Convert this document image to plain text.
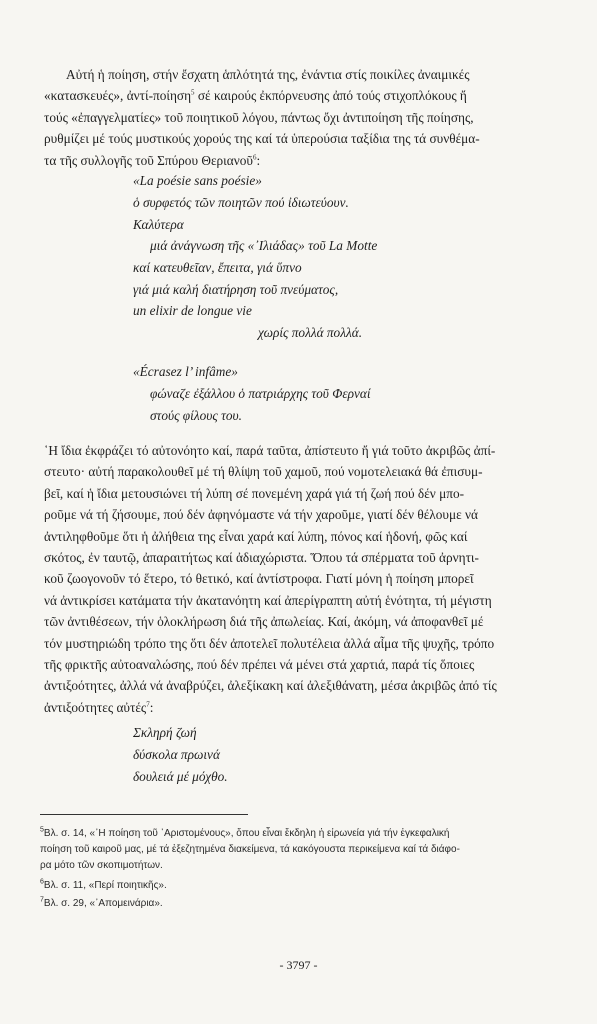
Αὐτή ἡ ποίηση, στήν ἔσχατη ἁπλότητά της, ἐνάντια στίς ποικίλες ἀναιμικές
«κατασκευές», ἀντί-ποίηση$^5$ σέ καιρούς ἐκπόρνευσης ἀπό τούς στιχοπλόκους ἤ
τούς «ἐπαγγελματίες» τοῦ ποιητικοῦ λόγου, πάντως ὄχι ἀντιποίηση τῆς ποίησης,
ρυθμίζει μέ τούς μυστικούς χορούς της καί τά ὑπερούσια ταξίδια της τά συνθέμα-
τα τῆς συλλογῆς τοῦ Σπύρου Θεριανοῦ$^6$:

«La poésie sans poésie»
ὁ συρφετός τῶν ποιητῶν πού ἰδιωτεύουν.
Καλύτερα
μιά ἀνάγνωση τῆς «᾽Ιλιάδας» τοῦ La Motte
καί κατευθεῖαν, ἔπειτα, γιά ὕπνο
γιά μιά καλή διατήρηση τοῦ πνεύματος,
un elixir de longue vie
χωρίς πολλά πολλά.
«Écrasez l’ infâme»
φώναζε ἐξάλλου ὁ πατριάρχης τοῦ Φερναί
στούς φίλους του.

῾Η ἴδια ἐκφράζει τό αὐτονόητο καί, παρά ταῦτα, ἀπίστευτο ἤ γιά τοῦτο ἀκριβῶς ἀπί-
στευτο· αὐτή παρακολουθεῖ μέ τή θλίψη τοῦ χαμοῦ, πού νομοτελειακά θά ἐπισυμ-
βεῖ, καί ἡ ἴδια μετουσιώνει τή λύπη σέ πονεμένη χαρά γιά τή ζωή πού δέν μπο-
ροῦμε νά τή ζήσουμε, πού δέν ἀφηνόμαστε νά τήν χαροῦμε, γιατί δέν θέλουμε νά
ἀντιληφθοῦμε ὅτι ἡ ἀλήθεια της εἶναι χαρά καί λύπη, πόνος καί ἡδονή, φῶς καί
σκότος, ἐν ταυτῷ, ἀπαραιτήτως καί ἀδιαχώριστα. Ὅπου τά σπέρματα τοῦ ἀρνητι-
κοῦ ζωογονοῦν τό ἕτερο, τό θετικό, καί ἀντίστροφα. Γιατί μόνη ἡ ποίηση μπορεῖ
νά ἀντικρίσει κατάματα τήν ἀκατανόητη καί ἀπερίγραπτη αὐτή ἑνότητα, τή μέγιστη
τῶν ἀντιθέσεων, τήν ὁλοκλήρωση διά τῆς ἀπωλείας. Καί, ἀκόμη, νά ἀποφανθεῖ μέ
τόν μυστηριώδη τρόπο της ὅτι δέν ἀποτελεῖ πολυτέλεια ἀλλά αἷμα τῆς ψυχῆς, τρόπο
τῆς φρικτῆς αὐτοαναλώσης, πού δέν πρέπει νά μένει στά χαρτιά, παρά τίς ὅποιες
ἀντιξοότητες, ἀλλά νά ἀναβρύζει, ἀλεξίκακη καί ἀλεξιθάνατη, μέσα ἀκριβῶς ἀπό τίς
ἀντιξοότητες αὐτές$^7$:

Σκληρή ζωή
δύσκολα πρωινά
δουλειά μέ μόχθο.
$^5$Βλ. σ. 14, «᾽Η ποίηση τοῦ ᾽Αριστομένους», ὅπου εἶναι ἔκδηλη ἡ εἰρωνεία γιά τήν ἐγκεφαλική
ποίηση τοῦ καιροῦ μας, μέ τά ἐξεζητημένα διακείμενα, τά κακόγουστα περικείμενα καί τά διάφο-
ρα μότο τῶν σκοπιμοτήτων.
$^6$Βλ. σ. 11, «Περί ποιητικῆς».
$^7$Βλ. σ. 29, «᾽Απομεινάρια».
- 3797 -
